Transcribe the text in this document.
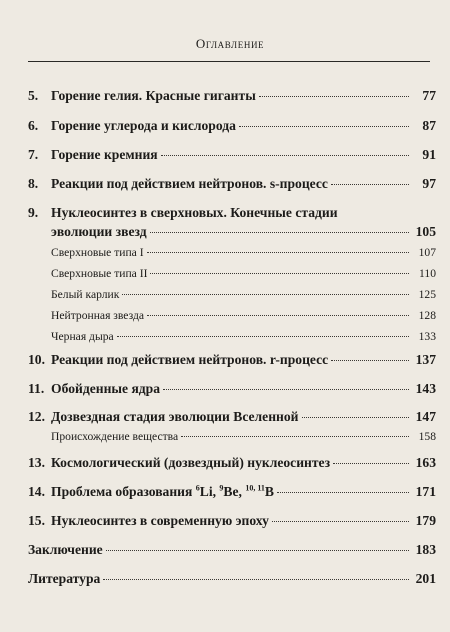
Оглавление
5. Горение гелия. Красные гиганты	77
6. Горение углерода и кислорода	87
7. Горение кремния	91
8. Реакции под действием нейтронов. s-процесс	97
9. Нуклеосинтез в сверхновых. Конечные стадии
эволюции звезд	105
Сверхновые типа I	107
Сверхновые типа II	110
Белый карлик	125
Нейтронная звезда	128
Черная дыра	133
10. Реакции под действием нейтронов. r-процесс	137
11. Обойденные ядра	143
12. Дозвездная стадия эволюции Вселенной	147
Происхождение вещества	158
13. Космологический (дозвездный) нуклеосинтез	163
14. Проблема образования $^6$Li, $^9$Be, $^{10, 11}$B	171
15. Нуклеосинтез в современную эпоху	179
Заключение	183
Литература	201
